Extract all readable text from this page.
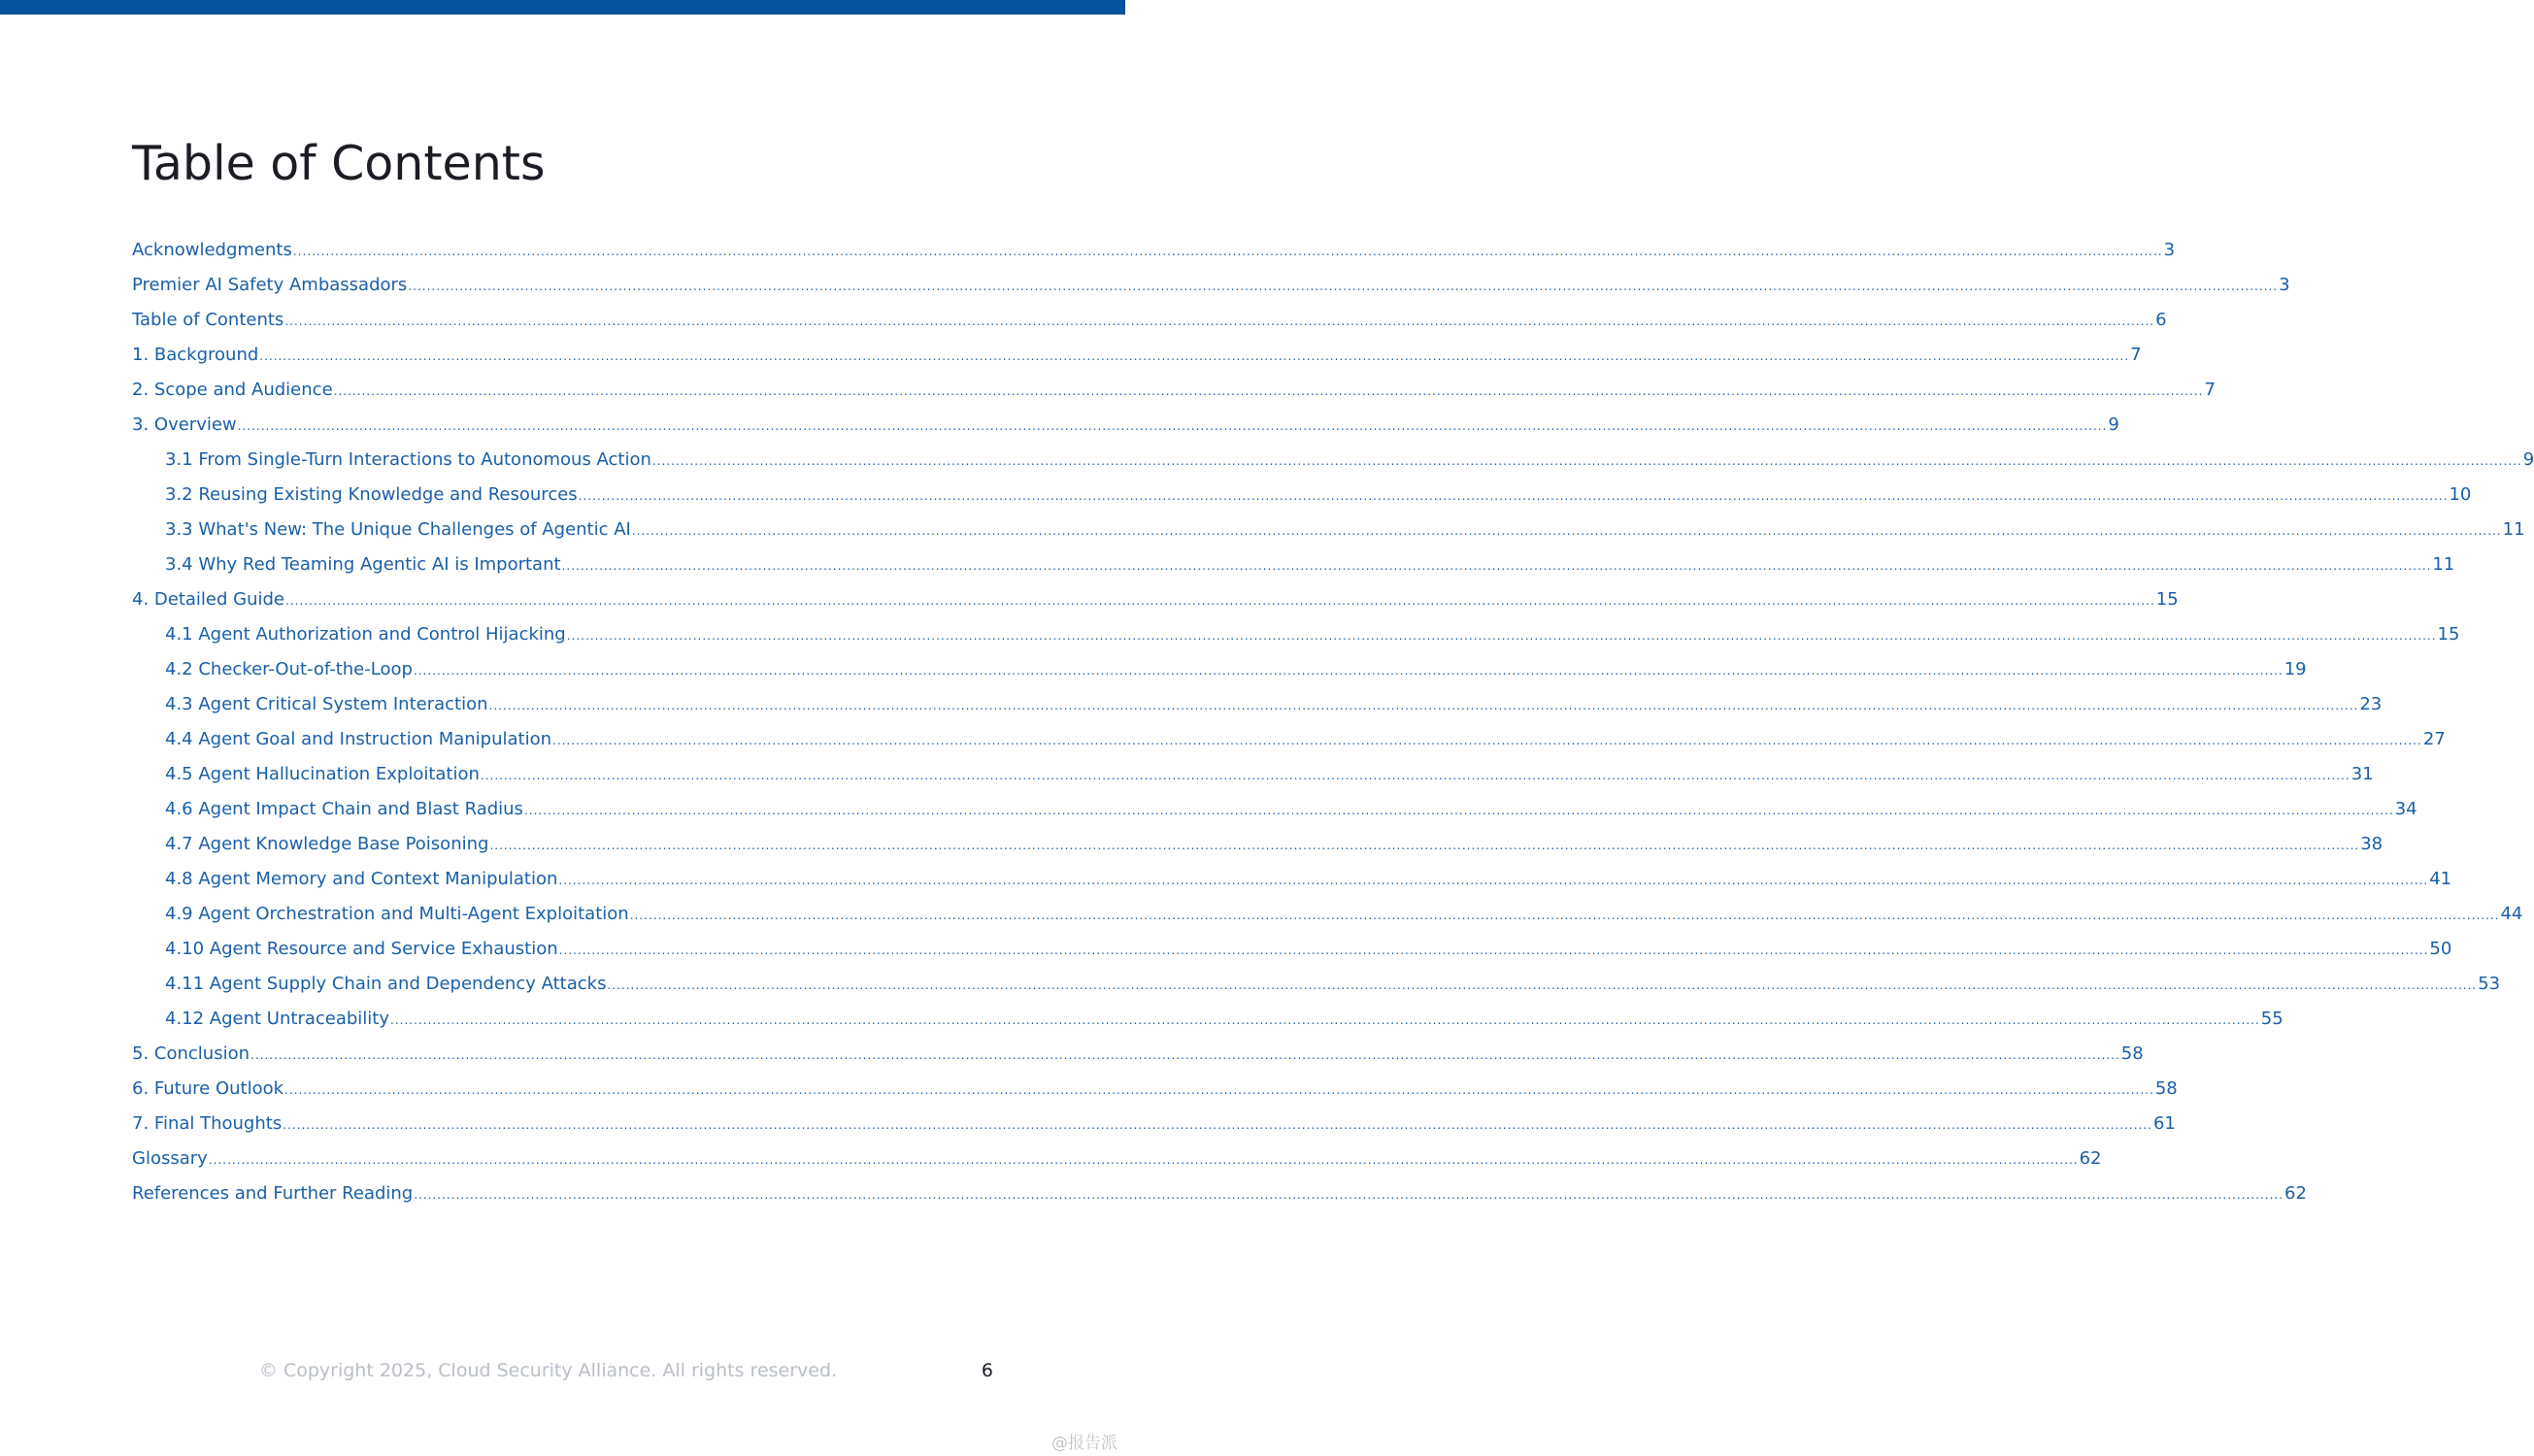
Table of Contents
Acknowledgments ................................................................................................................................................................................................................................................................................................................................................................................................................ 3
Premier AI Safety Ambassadors ................................................................................................................................................................................................................................................................................................................................................................................................................ 3
Table of Contents ................................................................................................................................................................................................................................................................................................................................................................................................................ 6
1. Background ................................................................................................................................................................................................................................................................................................................................................................................................................ 7
2. Scope and Audience ................................................................................................................................................................................................................................................................................................................................................................................................................ 7
3. Overview ................................................................................................................................................................................................................................................................................................................................................................................................................ 9
3.1 From Single-Turn Interactions to Autonomous Action ................................................................................................................................................................................................................................................................................................................................................................................................................ 9
3.2 Reusing Existing Knowledge and Resources ................................................................................................................................................................................................................................................................................................................................................................................................................ 10
3.3 What's New: The Unique Challenges of Agentic AI ................................................................................................................................................................................................................................................................................................................................................................................................................ 11
3.4 Why Red Teaming Agentic AI is Important ................................................................................................................................................................................................................................................................................................................................................................................................................ 11
4. Detailed Guide ................................................................................................................................................................................................................................................................................................................................................................................................................ 15
4.1 Agent Authorization and Control Hijacking ................................................................................................................................................................................................................................................................................................................................................................................................................ 15
4.2 Checker-Out-of-the-Loop ................................................................................................................................................................................................................................................................................................................................................................................................................ 19
4.3 Agent Critical System Interaction ................................................................................................................................................................................................................................................................................................................................................................................................................ 23
4.4 Agent Goal and Instruction Manipulation ................................................................................................................................................................................................................................................................................................................................................................................................................ 27
4.5 Agent Hallucination Exploitation ................................................................................................................................................................................................................................................................................................................................................................................................................ 31
4.6 Agent Impact Chain and Blast Radius ................................................................................................................................................................................................................................................................................................................................................................................................................ 34
4.7 Agent Knowledge Base Poisoning ................................................................................................................................................................................................................................................................................................................................................................................................................ 38
4.8 Agent Memory and Context Manipulation ................................................................................................................................................................................................................................................................................................................................................................................................................ 41
4.9 Agent Orchestration and Multi-Agent Exploitation ................................................................................................................................................................................................................................................................................................................................................................................................................ 44
4.10 Agent Resource and Service Exhaustion ................................................................................................................................................................................................................................................................................................................................................................................................................ 50
4.11 Agent Supply Chain and Dependency Attacks ................................................................................................................................................................................................................................................................................................................................................................................................................ 53
4.12 Agent Untraceability ................................................................................................................................................................................................................................................................................................................................................................................................................ 55
5. Conclusion ................................................................................................................................................................................................................................................................................................................................................................................................................ 58
6. Future Outlook ................................................................................................................................................................................................................................................................................................................................................................................................................ 58
7. Final Thoughts ................................................................................................................................................................................................................................................................................................................................................................................................................ 61
Glossary ................................................................................................................................................................................................................................................................................................................................................................................................................ 62
References and Further Reading ................................................................................................................................................................................................................................................................................................................................................................................................................ 62
© Copyright 2025, Cloud Security Alliance. All rights reserved.	6
@报告派
